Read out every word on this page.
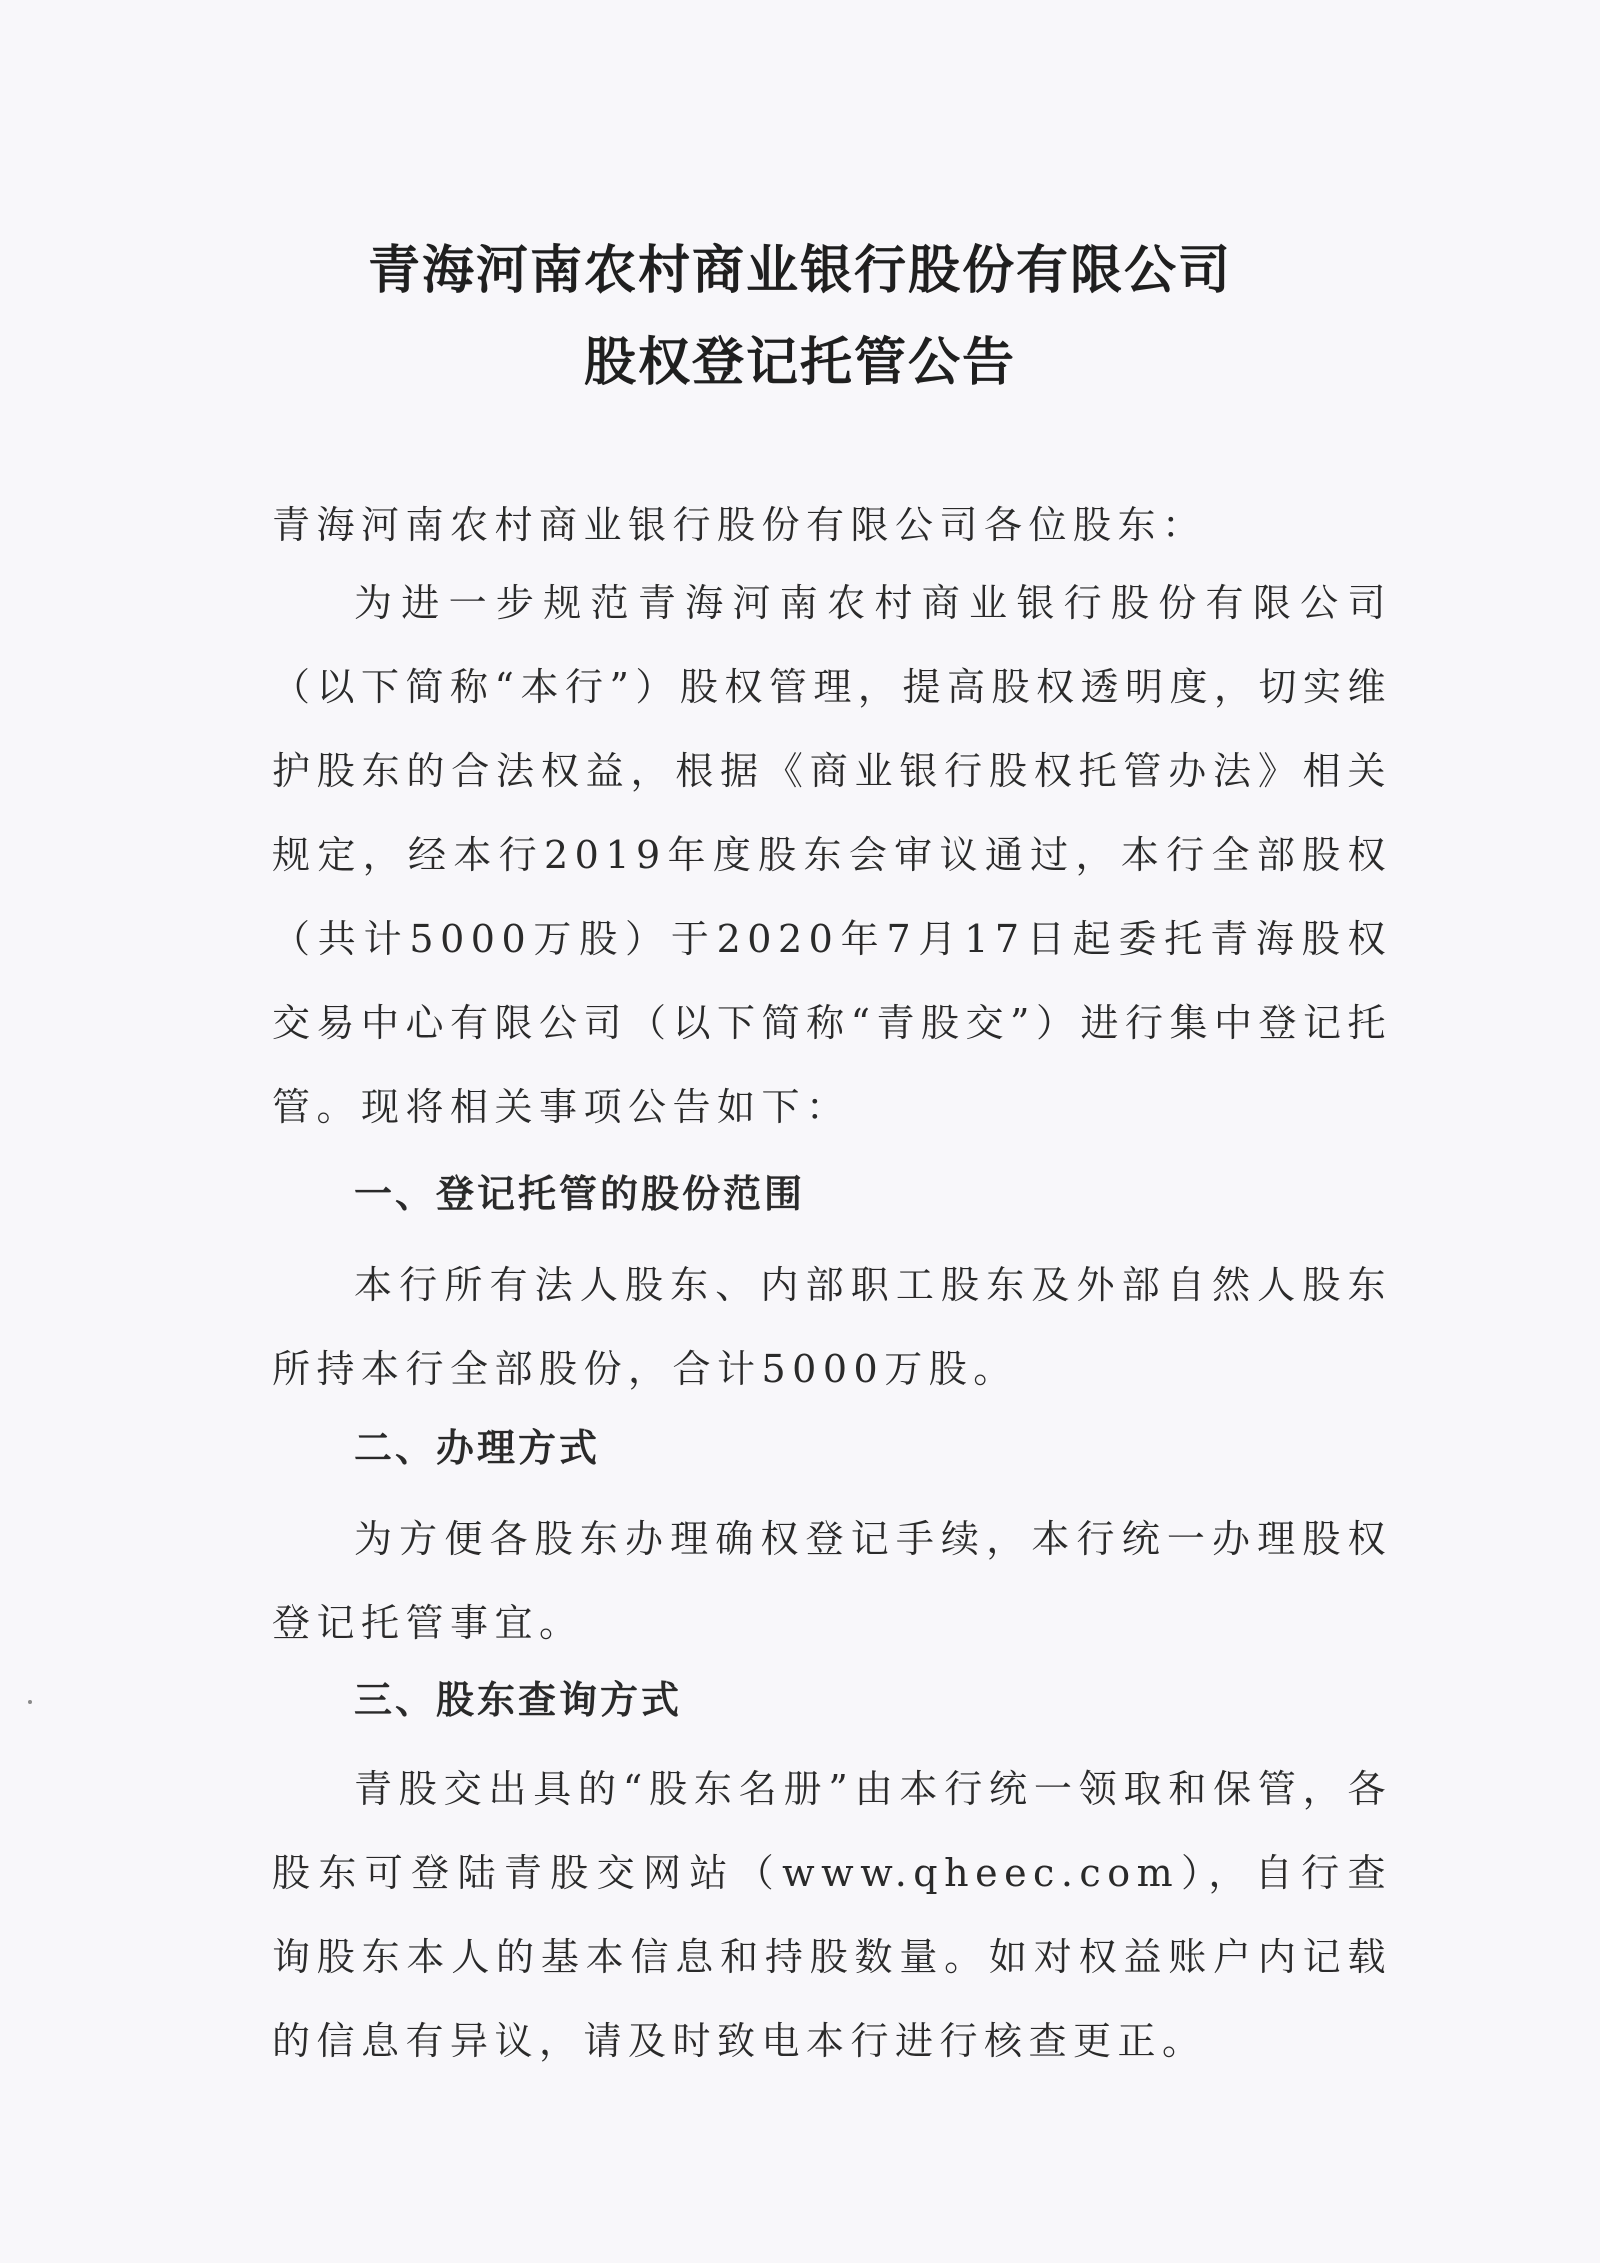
青海河南农村商业银行股份有限公司
股权登记托管公告

青海河南农村商业银行股份有限公司各位股东：

为进一步规范青海河南农村商业银行股份有限公司（以下简称“本行”）股权管理，提高股权透明度，切实维护股东的合法权益，根据《商业银行股权托管办法》相关规定，经本行2019年度股东会审议通过，本行全部股权（共计5000万股）于2020年7月17日起委托青海股权交易中心有限公司（以下简称“青股交”）进行集中登记托管。现将相关事项公告如下：

一、登记托管的股份范围

本行所有法人股东、内部职工股东及外部自然人股东所持本行全部股份，合计5000万股。

二、办理方式

为方便各股东办理确权登记手续，本行统一办理股权登记托管事宜。

三、股东查询方式

青股交出具的“股东名册”由本行统一领取和保管，各股东可登陆青股交网站（www.qheec.com），自行查询股东本人的基本信息和持股数量。如对权益账户内记载的信息有异议，请及时致电本行进行核查更正。
